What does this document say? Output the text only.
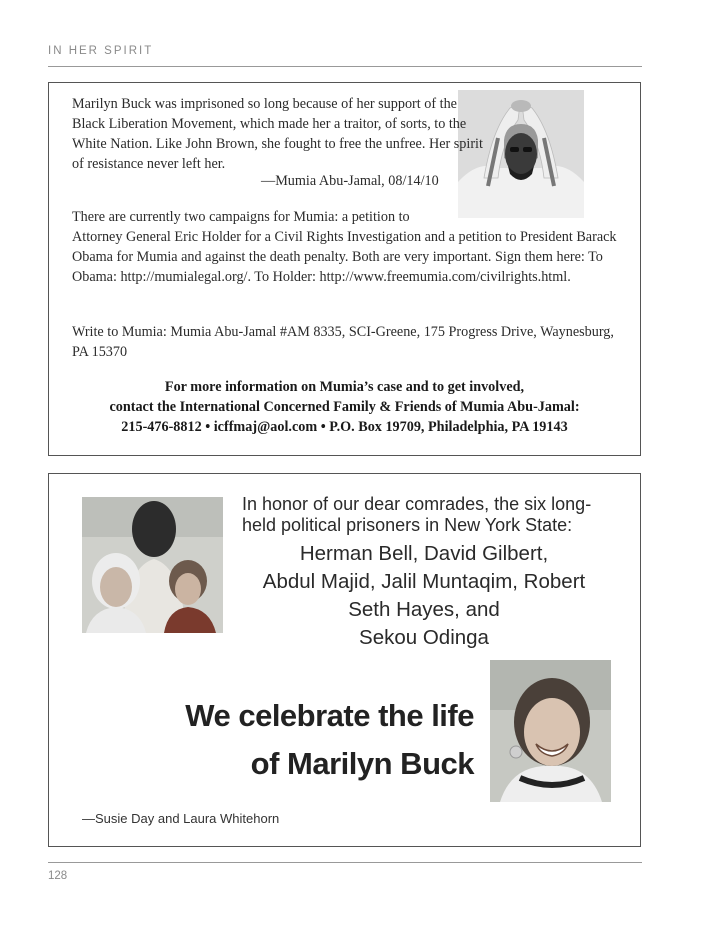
IN HER SPIRIT
Marilyn Buck was imprisoned so long because of her support of the Black Liberation Movement, which made her a traitor, of sorts, to the White Nation. Like John Brown, she fought to free the unfree. Her spirit of resistance never left her.
—Mumia Abu-Jamal, 08/14/10
There are currently two campaigns for Mumia: a petition to
Attorney General Eric Holder for a Civil Rights Investigation and a petition to President Barack Obama for Mumia and against the death penalty. Both are very important. Sign them here: To Obama: http://mumialegal.org/. To Holder: http://www.freemumia.com/civilrights.html.
Write to Mumia: Mumia Abu-Jamal #AM 8335, SCI-Greene, 175 Progress Drive, Waynesburg, PA 15370
For more information on Mumia’s case and to get involved,
contact the International Concerned Family & Friends of Mumia Abu-Jamal:
215-476-8812 • icffmaj@aol.com • P.O. Box 19709, Philadelphia, PA 19143
In honor of our dear comrades, the six long-
held political prisoners in New York State:
Herman Bell, David Gilbert,
Abdul Majid, Jalil Muntaqim, Robert
Seth Hayes, and
Sekou Odinga
We celebrate the life
of Marilyn Buck
—Susie Day and Laura Whitehorn
128
